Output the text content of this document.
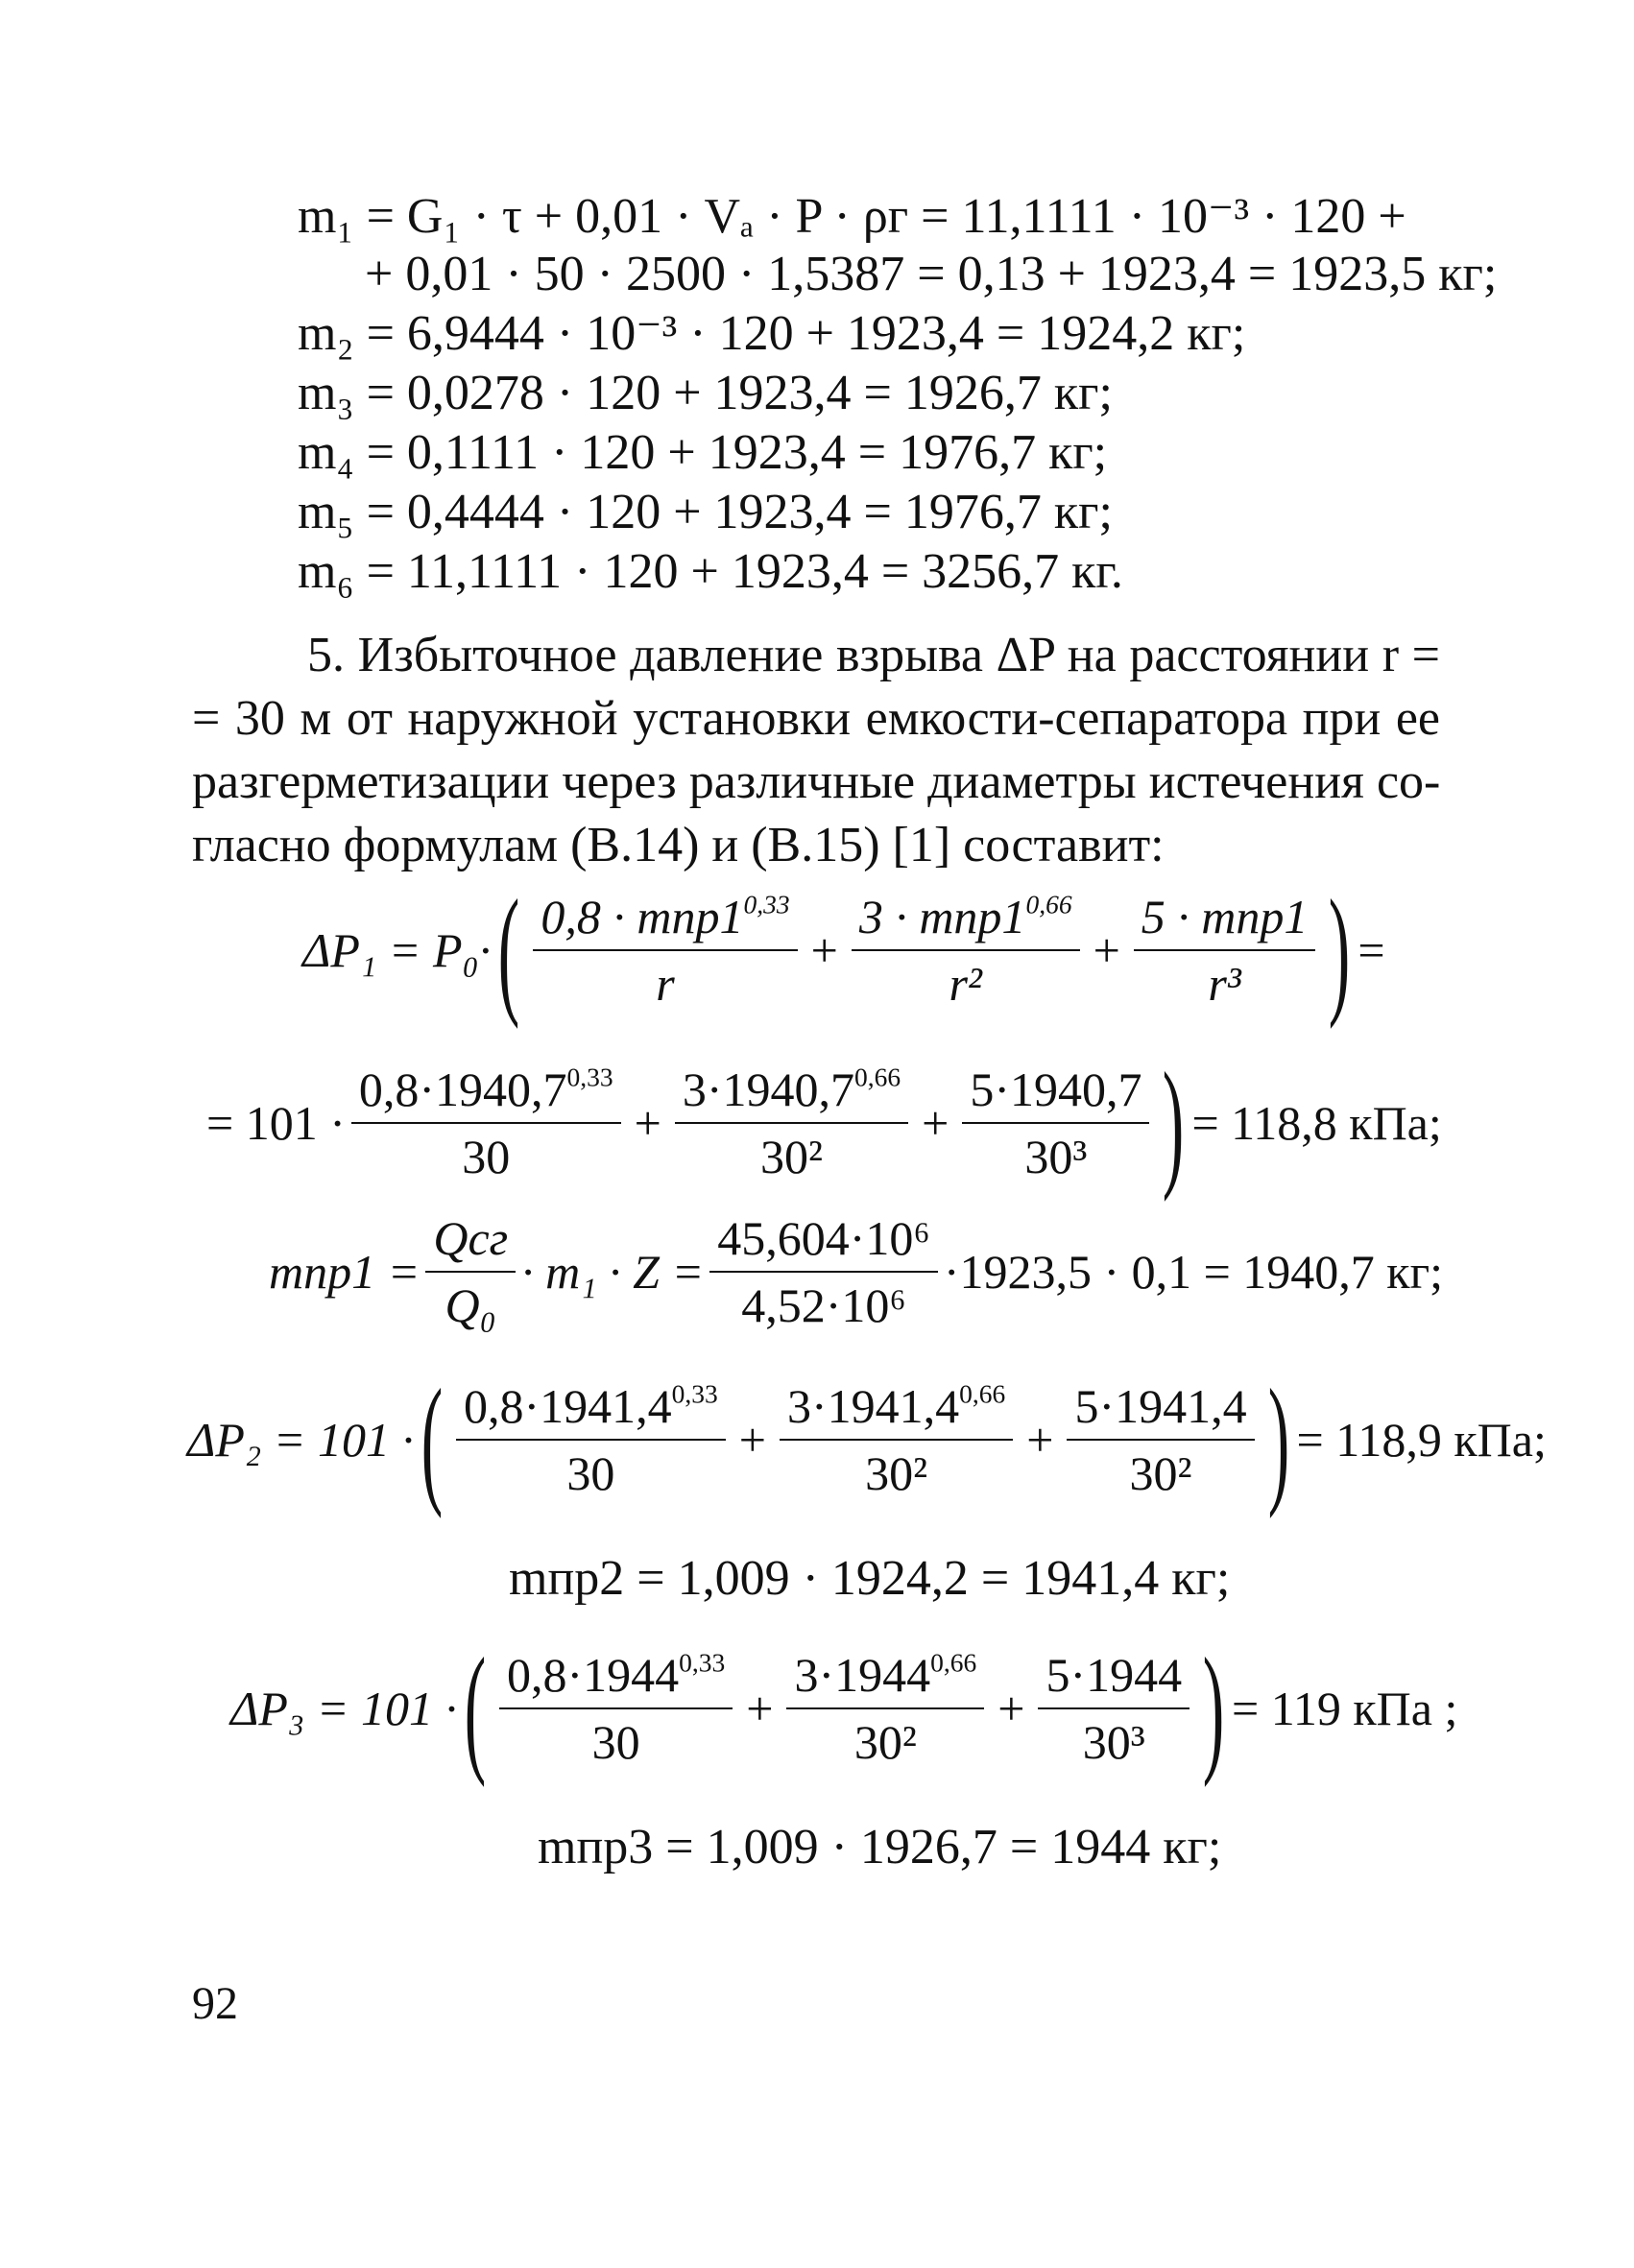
m₁ = G₁ · τ + 0,01 · Vₐ · P · ρг = 11,1111 · 10⁻³ · 120 +
+ 0,01 · 50 · 2500 · 1,5387 = 0,13 + 1923,4 = 1923,5 кг;
m₂ = 6,9444 · 10⁻³ · 120 + 1923,4 = 1924,2 кг;
m₃ = 0,0278 · 120 + 1923,4 = 1926,7 кг;
m₄ = 0,1111 · 120 + 1923,4 = 1976,7 кг;
m₅ = 0,4444 · 120 + 1923,4 = 1976,7 кг;
m₆ = 11,1111 · 120 + 1923,4 = 3256,7 кг.
5. Избыточное давление взрыва ΔP на расстоянии r =
= 30 м от наружной установки емкости-сепаратора при ее
разгерметизации через различные диаметры истечения со-
гласно формулам (В.14) и (В.15) [1] составит:
ΔP₁ = P₀· ( $\frac{0,8 \cdot mпр1^{0,33}}{r} + \frac{3 \cdot mпр1^{0,66}}{\text{r²}} + \frac{\text{5 · mпр1}}{\text{r³}}$ ) =
= $101 \cdot \frac{0,8\cdot 1940,7^{0,33}}{30} + \frac{3\cdot 1940,7^{0,66}}{\text{30²}} + \frac{5\cdot 1940,7}{\text{30³}}$ ) = 118,8 кПа;
$mпр1 = \frac{\text{Qсг}}{\text{Q₀}} \cdot m_1 \cdot Z = \frac{\text{45,604·10⁶}}{\text{4,52·10⁶}} \cdot 1923,5 \cdot 0,1 = 1940,7$ кг;
ΔP₂ = 101 · ( $\frac{0,8\cdot 1941,4^{0,33}}{30} + \frac{3\cdot 1941,4^{0,66}}{\text{30²}} + \frac{5\cdot 1941,4}{\text{30²}}$ ) = 118,9 кПа;
mпр2 = 1,009 · 1924,2 = 1941,4 кг;
ΔP₃ = 101 · ( $\frac{0,8\cdot 1944^{0,33}}{30} + \frac{3\cdot 1944^{0,66}}{\text{30²}} + \frac{5\cdot 1944}{\text{30³}}$ ) = 119 кПа ;
mпр3 = 1,009 · 1926,7 = 1944 кг;
92
